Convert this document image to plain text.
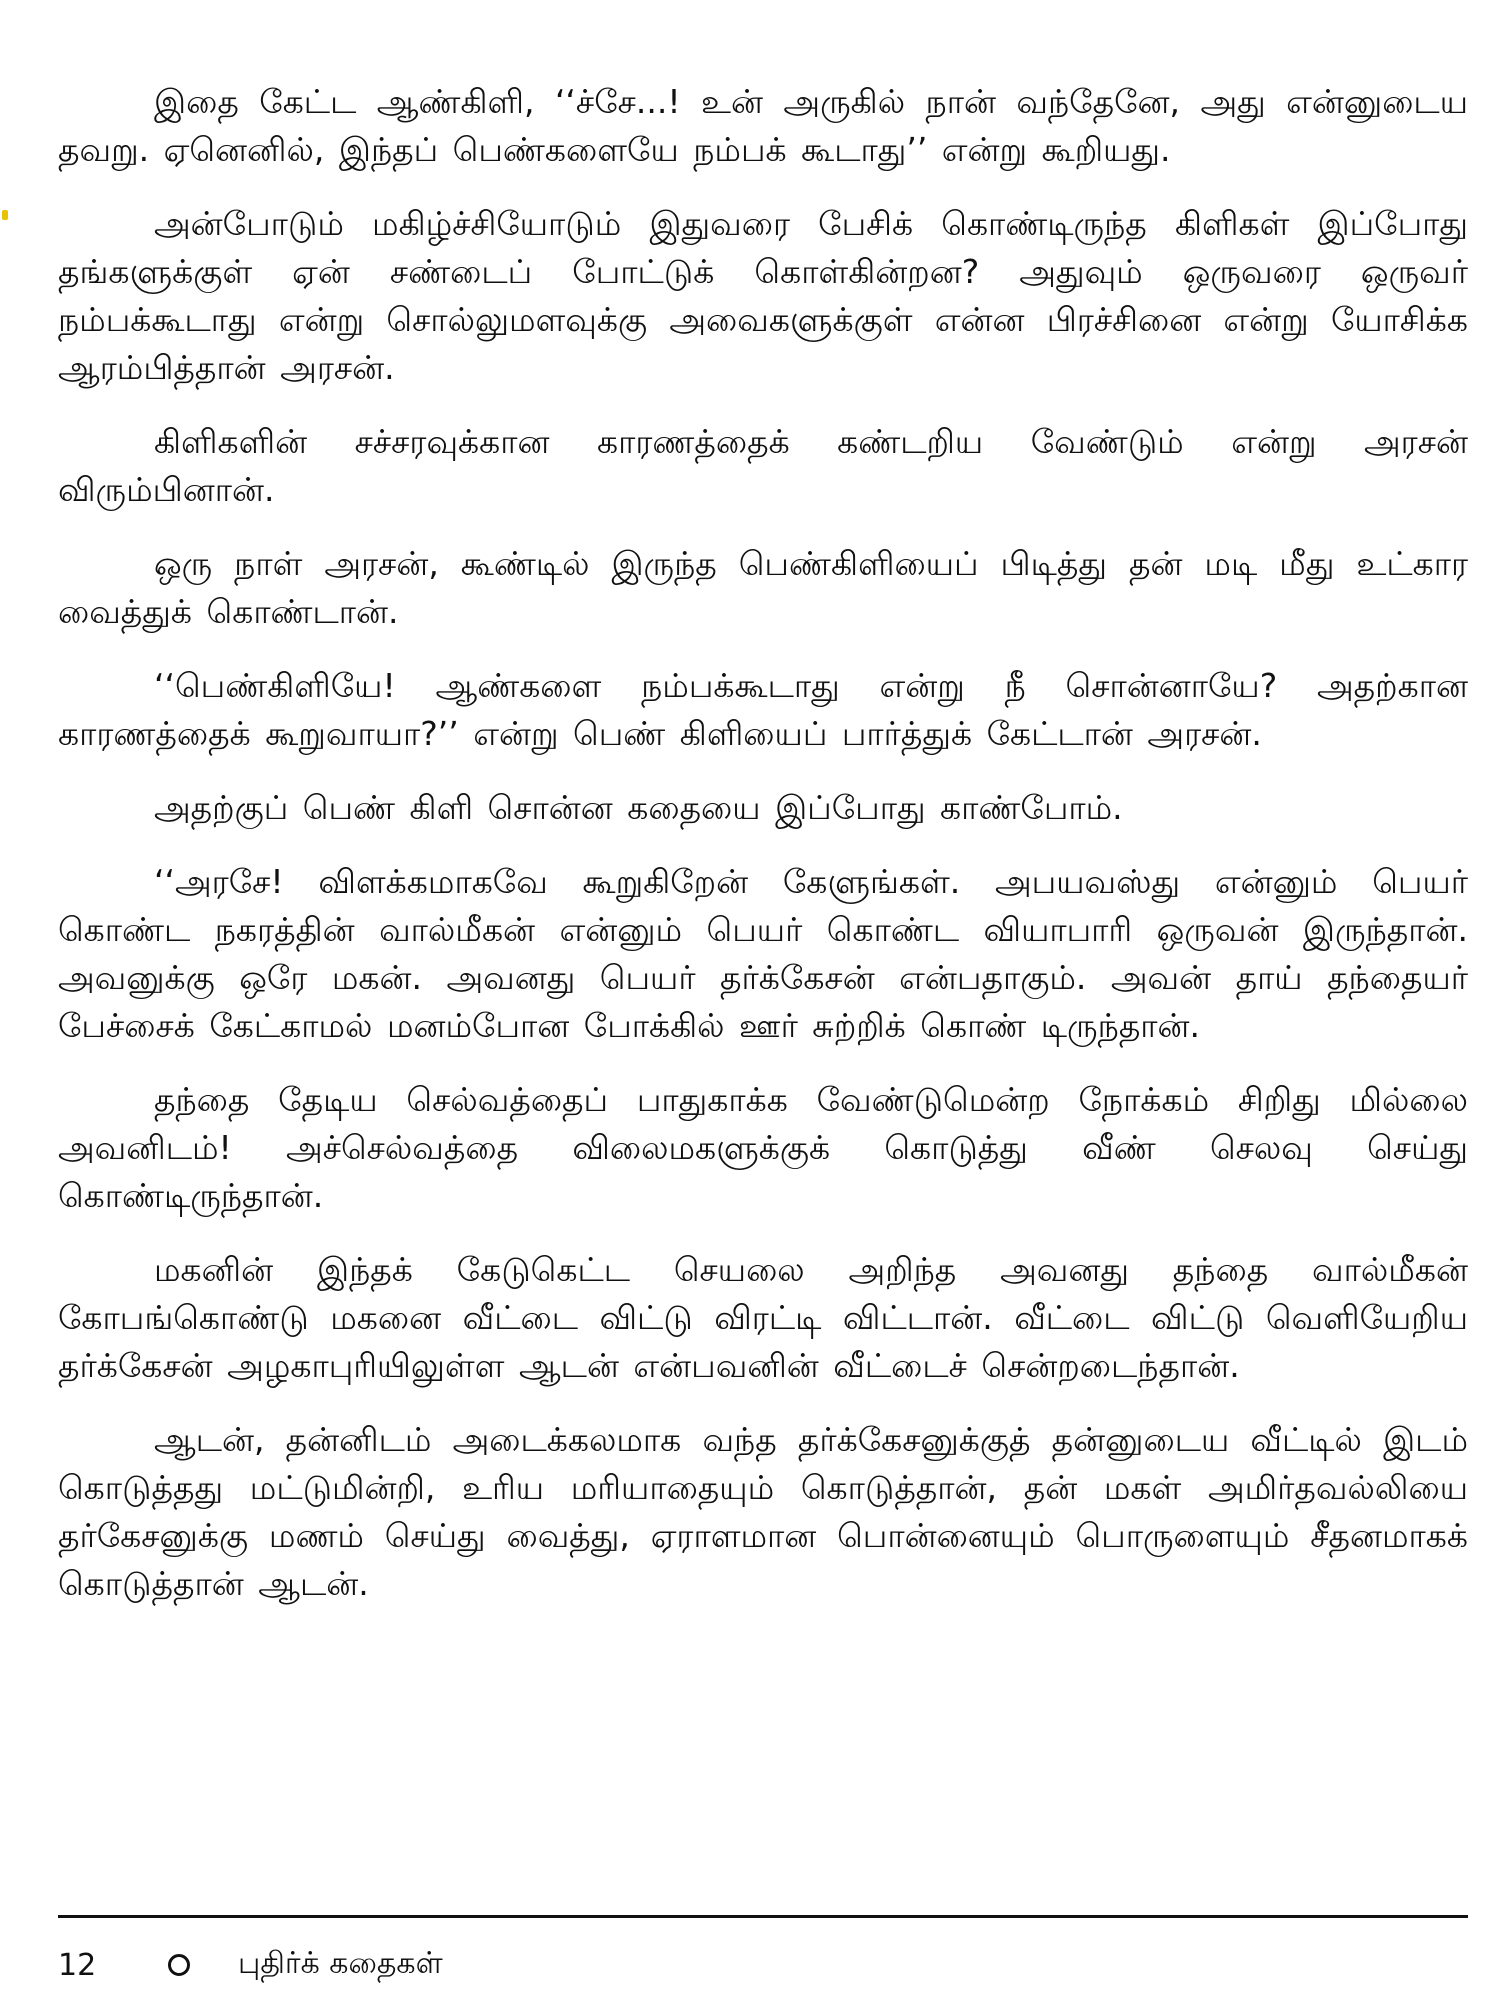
இதை கேட்ட ஆண்கிளி, ‘‘ச்சே...! உன் அருகில் நான் வந்தேனே, அது என்னுடைய தவறு. ஏனெனில், இந்தப் பெண்களையே நம்பக் கூடாது’’ என்று கூறியது.

அன்போடும் மகிழ்ச்சியோடும் இதுவரை பேசிக் கொண்டிருந்த கிளிகள் இப்போது தங்களுக்குள் ஏன் சண்டைப் போட்டுக் கொள்கின்றன? அதுவும் ஒருவரை ஒருவர் நம்பக்கூடாது என்று சொல்லுமளவுக்கு அவைகளுக்குள் என்ன பிரச்சினை என்று யோசிக்க ஆரம்பித்தான் அரசன்.

கிளிகளின் சச்சரவுக்கான காரணத்தைக் கண்டறிய வேண்டும் என்று அரசன் விரும்பினான்.

ஒரு நாள் அரசன், கூண்டில் இருந்த பெண்கிளியைப் பிடித்து தன் மடி மீது உட்கார வைத்துக் கொண்டான்.

‘‘பெண்கிளியே! ஆண்களை நம்பக்கூடாது என்று நீ சொன்னாயே? அதற்கான காரணத்தைக் கூறுவாயா?’’ என்று பெண் கிளியைப் பார்த்துக் கேட்டான் அரசன்.

அதற்குப் பெண் கிளி சொன்ன கதையை இப்போது காண்போம்.

‘‘அரசே! விளக்கமாகவே கூறுகிறேன் கேளுங்கள். அபயவஸ்து என்னும் பெயர் கொண்ட நகரத்தின் வால்மீகன் என்னும் பெயர் கொண்ட வியாபாரி ஒருவன் இருந்தான். அவனுக்கு ஒரே மகன். அவனது பெயர் தர்க்கேசன் என்பதாகும். அவன் தாய் தந்தையர் பேச்சைக் கேட்காமல் மனம்போன போக்கில் ஊர் சுற்றிக் கொண் டிருந்தான்.

தந்தை தேடிய செல்வத்தைப் பாதுகாக்க வேண்டுமென்ற நோக்கம் சிறிது மில்லை அவனிடம்! அச்செல்வத்தை விலைமகளுக்குக் கொடுத்து வீண் செலவு செய்து கொண்டிருந்தான்.

மகனின் இந்தக் கேடுகெட்ட செயலை அறிந்த அவனது தந்தை வால்மீகன் கோபங்கொண்டு மகனை வீட்டை விட்டு விரட்டி விட்டான். வீட்டை விட்டு வெளியேறிய தர்க்கேசன் அழகாபுரியிலுள்ள ஆடன் என்பவனின் வீட்டைச் சென்றடைந்தான்.

ஆடன், தன்னிடம் அடைக்கலமாக வந்த தர்க்கேசனுக்குத் தன்னுடைய வீட்டில் இடம் கொடுத்தது மட்டுமின்றி, உரிய மரியாதையும் கொடுத்தான், தன் மகள் அமிர்தவல்லியை தர்கேசனுக்கு மணம் செய்து வைத்து, ஏராளமான பொன்னையும் பொருளையும் சீதனமாகக் கொடுத்தான் ஆடன்.

12	புதிர்க் கதைகள்
